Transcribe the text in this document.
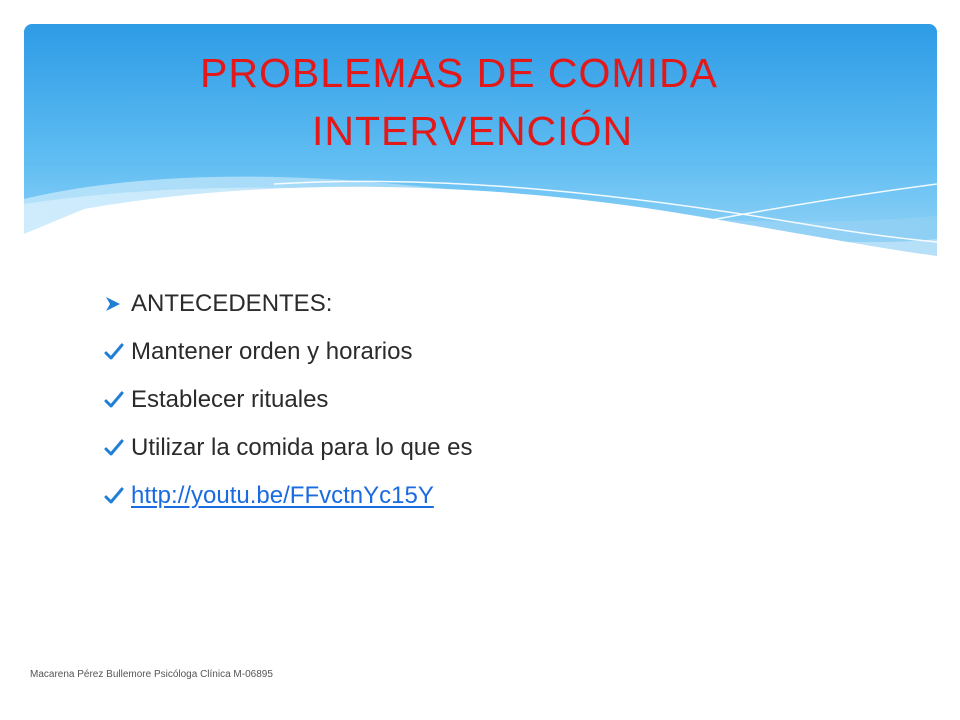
PROBLEMAS DE COMIDA
INTERVENCIÓN
ANTECEDENTES:
Mantener orden y horarios
Establecer rituales
Utilizar la comida para lo que es
http://youtu.be/FFvctnYc15Y
Macarena Pérez Bullemore Psicóloga Clínica M-06895
